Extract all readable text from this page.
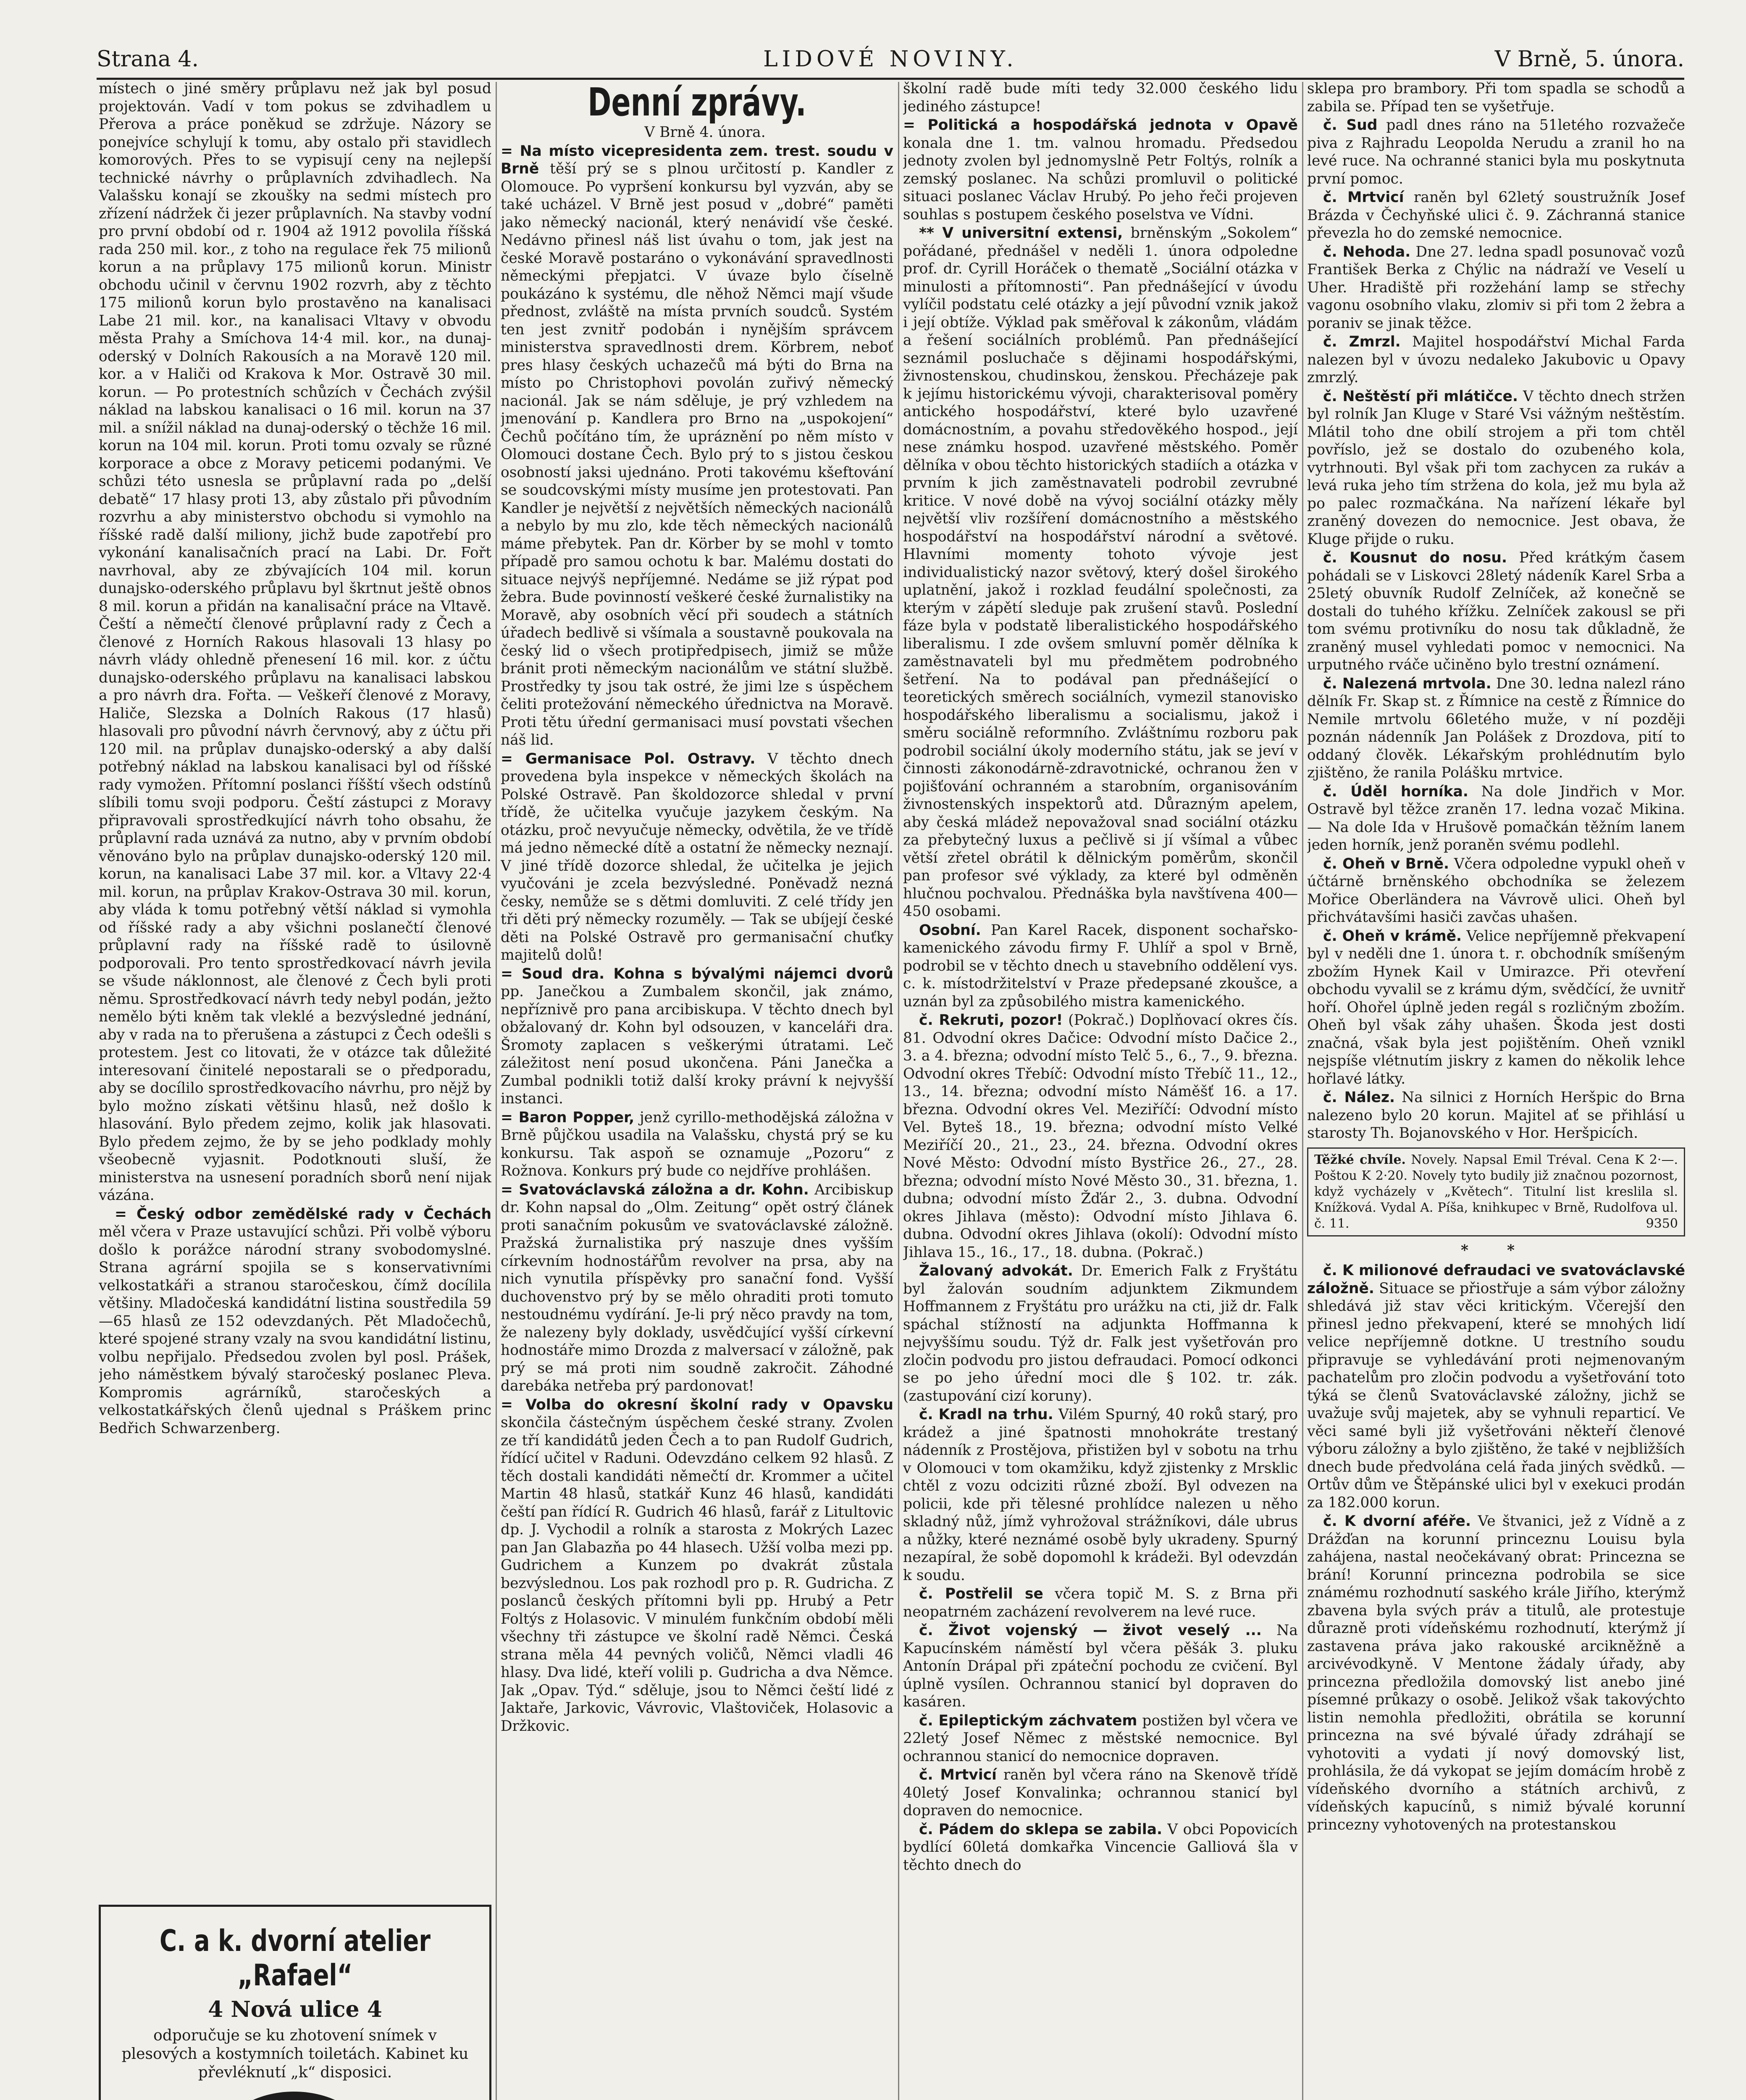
LIDOVÉ NOVINY.
Strana 4.	V Brně, 5. února.

místech o jiné směry průplavu než jak byl posud projektován. Vadí v tom pokus se zdvihadlem u Přerova a práce poněkud se zdržuje. Názory se ponejvíce schylují k tomu, aby ostalo při stavidlech komorových. Přes to se vypisují ceny na nejlepší technické návrhy o průplavních zdvihadlech. Na Valašsku konají se zkoušky na sedmi místech pro zřízení nádržek či jezer průplavních. Na stavby vodní pro první období od r. 1904 až 1912 povolila říšská rada 250 mil. kor., z toho na regulace řek 75 milionů korun a na průplavy 175 milionů korun. Ministr obchodu učinil v červnu 1902 rozvrh, aby z těchto 175 milionů korun bylo prostavěno na kanalisaci Labe 21 mil. kor., na kanalisaci Vltavy v obvodu města Prahy a Smíchova 14·4 mil. kor., na dunaj-oderský v Dolních Rakousích a na Moravě 120 mil. kor. a v Haliči od Krakova k Mor. Ostravě 30 mil. korun. — Po protestních schůzích v Čechách zvýšil náklad na labskou kanalisaci o 16 mil. korun na 37 mil. a snížil náklad na dunaj-oderský o těchže 16 mil. korun na 104 mil. korun. Proti tomu ozvaly se různé korporace a obce z Moravy peticemi podanými. Ve schůzi této usnesla se průplavní rada po „delší debatě“ 17 hlasy proti 13, aby zůstalo při původním rozvrhu a aby ministerstvo obchodu si vymohlo na říšské radě další miliony, jichž bude zapotřebí pro vykonání kanalisačních prací na Labi. Dr. Fořt navrhoval, aby ze zbývajících 104 mil. korun dunajsko-oderského průplavu byl škrtnut ještě obnos 8 mil. korun a přidán na kanalisační práce na Vltavě. Čeští a němečtí členové průplavní rady z Čech a členové z Horních Rakous hlasovali 13 hlasy po návrh vlády ohledně přenesení 16 mil. kor. z účtu dunajsko-oderského průplavu na kanalisaci labskou a pro návrh dra. Fořta. — Veškeří členové z Moravy, Haliče, Slezska a Dolních Rakous (17 hlasů) hlasovali pro původní návrh červnový, aby z účtu při 120 mil. na průplav dunajsko-oderský a aby další potřebný náklad na labskou kanalisaci byl od říšské rady vymožen. Přítomní poslanci říšští všech odstínů slíbili tomu svoji podporu. Čeští zástupci z Moravy připravovali sprostředkující návrh toho obsahu, že průplavní rada uznává za nutno, aby v prvním období věnováno bylo na průplav dunajsko-oderský 120 mil. korun, na kanalisaci Labe 37 mil. kor. a Vltavy 22·4 mil. korun, na průplav Krakov-Ostrava 30 mil. korun, aby vláda k tomu potřebný větší náklad si vymohla od říšské rady a aby všichni poslanečtí členové průplavní rady na říšské radě to úsilovně podporovali. Pro tento sprostředkovací návrh jevila se všude náklonnost, ale členové z Čech byli proti němu. Sprostředkovací návrh tedy nebyl podán, ježto nemělo býti kněm tak vleklé a bezvýsledné jednání, aby v rada na to přerušena a zástupci z Čech odešli s protestem. Jest co litovati, že v otázce tak důležité interesovaní činitelé nepostarali se o předporadu, aby se docílilo sprostředkovacího návrhu, pro nějž by bylo možno získati většinu hlasů, než došlo k hlasování. Bylo předem zejmo, kolik jak hlasovati. Bylo předem zejmo, že by se jeho podklady mohly všeobecně vyjasnit. Podotknouti sluší, že ministerstva na usnesení poradních sborů není nijak vázána.

= Český odbor zemědělské rady v Čechách měl včera v Praze ustavující schůzi. Při volbě výboru došlo k porážce národní strany svobodomyslné. Strana agrární spojila se s konservativními velkostatkáři a stranou staročeskou, čímž docílila většiny. Mladočeská kandidátní listina soustředila 59—65 hlasů ze 152 odevzdaných. Pět Mladočechů, které spojené strany vzaly na svou kandidátní listinu, volbu nepřijalo. Předsedou zvolen byl posl. Prášek, jeho náměstkem bývalý staročeský poslanec Pleva. Kompromis agrárníků, staročeských a velkostatkářských členů ujednal s Práškem princ Bedřich Schwarzenberg.

C. a k. dvorní atelier „Rafael“
4 Nová ulice 4
odporučuje se ku zhotovení snímek v plesových a kostymních toiletách. Kabinet ku převléknutí „k“ disposici.
Denní zprávy.

V Brně 4. února.

= Na místo vicepresidenta zem. trest. soudu v Brně těší prý se s plnou určitostí p. Kandler z Olomouce. Po vypršení konkursu byl vyzván, aby se také ucházel. V Brně jest posud v „dobré“ paměti jako německý nacionál, který nenávidí vše české. Nedávno přinesl náš list úvahu o tom, jak jest na české Moravě postaráno o vykonávání spravedlnosti německými přepjatci. V úvaze bylo číselně poukázáno k systému, dle něhož Němci mají všude přednost, zvláště na místa prvních soudců. Systém ten jest zvnitř podobán i nynějším správcem ministerstva spravedlnosti drem. Körbrem, neboť pres hlasy českých uchazečů má býti do Brna na místo po Christophovi povolán zuřivý německý nacionál. Jak se nám sděluje, je prý vzhledem na jmenování p. Kandlera pro Brno na „uspokojení“ Čechů počítáno tím, že upráznění po něm místo v Olomouci dostane Čech. Bylo prý to s jistou českou osobností jaksi ujednáno. Proti takovému kšeftování se soudcovskými místy musíme jen protestovati. Pan Kandler je největší z největších německých nacionálů a nebylo by mu zlo, kde těch německých nacionálů máme přebytek. Pan dr. Körber by se mohl v tomto případě pro samou ochotu k bar. Malému dostati do situace nejvýš nepříjemné. Nedáme se již rýpat pod žebra. Bude povinností veškeré české žurnalistiky na Moravě, aby osobních věcí při soudech a státních úřadech bedlivě si všímala a soustavně poukovala na český lid o všech protipředpisech, jimiž se může bránit proti německým nacionálům ve státní službě. Prostředky ty jsou tak ostré, že jimi lze s úspěchem čeliti protežování německého úřednictva na Moravě. Proti tětu úřední germanisaci musí povstati všechen náš lid.

= Germanisace Pol. Ostravy. V těchto dnech provedena byla inspekce v německých školách na Polské Ostravě. Pan školdozorce shledal v první třídě, že učitelka vyučuje jazykem českým. Na otázku, proč nevyučuje německy, odvětila, že ve třídě má jedno německé dítě a ostatní že německy neznají. V jiné třídě dozorce shledal, že učitelka je jejich vyučováni je zcela bezvýsledné. Poněvadž nezná česky, nemůže se s dětmi domluviti. Z celé třídy jen tři děti prý německy rozuměly. — Tak se ubíjejí české děti na Polské Ostravě pro germanisační chuťky majitelů dolů!

= Soud dra. Kohna s bývalými nájemci dvorů pp. Janečkou a Zumbalem skončil, jak známo, nepříznivě pro pana arcibiskupa. V těchto dnech byl obžalovaný dr. Kohn byl odsouzen, v kanceláři dra. Šromoty zaplacen s veškerými útratami. Leč záležitost není posud ukončena. Páni Janečka a Zumbal podnikli totiž další kroky právní k nejvyšší instanci.

= Baron Popper, jenž cyrillo-methodějská záložna v Brně půjčkou usadila na Valašsku, chystá prý se ku konkursu. Tak aspoň se oznamuje „Pozoru“ z Rožnova. Konkurs prý bude co nejdříve prohlášen.

= Svatováclavská záložna a dr. Kohn. Arcibiskup dr. Kohn napsal do „Olm. Zeitung“ opět ostrý článek proti sanačním pokusům ve svatováclavské záložně. Pražská žurnalistika prý naszuje dnes vyšším církevním hodnostářům revolver na prsa, aby na nich vynutila příspěvky pro sanační fond. Vyšší duchovenstvo prý by se mělo ohraditi proti tomuto nestoudnému vydírání. Je-li prý něco pravdy na tom, že nalezeny byly doklady, usvědčující vyšší církevní hodnostáře mimo Drozda z malversací v záložně, pak prý se má proti nim soudně zakročit. Záhodné darebáka netřeba prý pardonovat!

= Volba do okresní školní rady v Opavsku skončila částečným úspěchem české strany. Zvolen ze tří kandidátů jeden Čech a to pan Rudolf Gudrich, řídící učitel v Raduni. Odevzdáno celkem 92 hlasů. Z těch dostali kandidáti němečtí dr. Krommer a učitel Martin 48 hlasů, statkář Kunz 46 hlasů, kandidáti čeští pan řídící R. Gudrich 46 hlasů, farář z Litultovic dp. J. Vychodil a rolník a starosta z Mokrých Lazec pan Jan Glabazňa po 44 hlasech. Užší volba mezi pp. Gudrichem a Kunzem po dvakrát zůstala bezvýslednou. Los pak rozhodl pro p. R. Gudricha. Z poslanců českých přítomni byli pp. Hrubý a Petr Foltýs z Holasovic. V minulém funkčním období měli všechny tři zástupce ve školní radě Němci. Česká strana měla 44 pevných voličů, Němci vladli 46 hlasy. Dva lidé, kteří volili p. Gudricha a dva Němce. Jak „Opav. Týd.“ sděluje, jsou to Němci čeští lidé z Jaktaře, Jarkovic, Vávrovic, Vlaštoviček, Holasovic a Držkovic.

školní radě bude míti tedy 32.000 českého lidu jediného zástupce!

= Politická a hospodářská jednota v Opavě konala dne 1. tm. valnou hromadu. Předsedou jednoty zvolen byl jednomyslně Petr Foltýs, rolník a zemský poslanec. Na schůzi promluvil o politické situaci poslanec Václav Hrubý. Po jeho řeči projeven souhlas s postupem českého poselstva ve Vídni.

** V universitní extensi, brněnským „Sokolem“ pořádané, přednášel v neděli 1. února odpoledne prof. dr. Cyrill Horáček o thematě „Sociální otázka v minulosti a přítomnosti“. Pan přednášející v úvodu vylíčil podstatu celé otázky a její původní vznik jakož i její obtíže. Výklad pak směřoval k zákonům, vládám a řešení sociálních problémů. Pan přednášející seznámil posluchače s dějinami hospodářskými, živnostenskou, chudinskou, ženskou. Přecházeje pak k jejímu historickému vývoji, charakterisoval poměry antického hospodářství, které bylo uzavřené domácnostním, a povahu středověkého hospod., její nese známku hospod. uzavřené městského. Poměr dělníka v obou těchto historických stadiích a otázka v prvním k jich zaměstnavateli podrobil zevrubné kritice. V nové době na vývoj sociální otázky měly největší vliv rozšíření domácnostního a městského hospodářství na hospodářství národní a světové. Hlavními momenty tohoto vývoje jest individualistický nazor světový, který došel širokého uplatnění, jakož i rozklad feudální společnosti, za kterým v zápětí sleduje pak zrušení stavů. Poslední fáze byla v podstatě liberalistického hospodářského liberalismu. I zde ovšem smluvní poměr dělníka k zaměstnavateli byl mu předmětem podrobného šetření. Na to podával pan přednášející o teoretických směrech sociálních, vymezil stanovisko hospodářského liberalismu a socialismu, jakož i směru sociálně reformního. Zvláštnímu rozboru pak podrobil sociální úkoly moderního státu, jak se jeví v činnosti zákonodárně-zdravotnické, ochranou žen v pojišťování ochranném a starobním, organisováním živnostenských inspektorů atd. Důrazným apelem, aby česká mládež nepovažoval snad sociální otázku za přebytečný luxus a pečlivě si jí všímal a vůbec větší zřetel obrátil k dělnickým poměrům, skončil pan profesor své výklady, za které byl odměněn hlučnou pochvalou. Přednáška byla navštívena 400—450 osobami.

Osobní. Pan Karel Racek, disponent sochařsko-kamenického závodu firmy F. Uhlíř a spol v Brně, podrobil se v těchto dnech u stavebního oddělení vys. c. k. místodržitelství v Praze předepsané zkoušce, a uznán byl za způsobilého mistra kamenického.

č. Rekruti, pozor! (Pokrač.) Doplňovací okres čís. 81. Odvodní okres Dačice: Odvodní místo Dačice 2., 3. a 4. března; odvodní místo Telč 5., 6., 7., 9. března. Odvodní okres Třebíč: Odvodní místo Třebíč 11., 12., 13., 14. března; odvodní místo Náměšť 16. a 17. března. Odvodní okres Vel. Meziříčí: Odvodní místo Vel. Byteš 18., 19. března; odvodní místo Velké Meziříčí 20., 21., 23., 24. března. Odvodní okres Nové Město: Odvodní místo Bystřice 26., 27., 28. března; odvodní místo Nové Město 30., 31. března, 1. dubna; odvodní místo Žďár 2., 3. dubna. Odvodní okres Jihlava (město): Odvodní místo Jihlava 6. dubna. Odvodní okres Jihlava (okolí): Odvodní místo Jihlava 15., 16., 17., 18. dubna. (Pokrač.)

Žalovaný advokát. Dr. Emerich Falk z Fryštátu byl žalován soudním adjunktem Zikmundem Hoffmannem z Fryštátu pro urážku na cti, již dr. Falk spáchal stížností na adjunkta Hoffmanna k nejvyššímu soudu. Týž dr. Falk jest vyšetřován pro zločin podvodu pro jistou defraudaci. Pomocí odkonci se po jeho úřední moci dle § 102. tr. zák. (zastupování cizí koruny).

č. Kradl na trhu. Vilém Spurný, 40 roků starý, pro krádež a jiné špatnosti mnohokráte trestaný nádenník z Prostějova, přistižen byl v sobotu na trhu v Olomouci v tom okamžiku, když zjistenky z Mrsklic chtěl z vozu odciziti různé zboží. Byl odvezen na policii, kde při tělesné prohlídce nalezen u něho skladný nůž, jímž vyhrožoval strážníkovi, dále ubrus a nůžky, které neznámé osobě byly ukradeny. Spurný nezapíral, že sobě dopomohl k krádeži. Byl odevzdán k soudu.

č. Postřelil se včera topič M. S. z Brna při neopatrném zacházení revolverem na levé ruce.

č. Život vojenský — život veselý ... Na Kapucínském náměstí byl včera pěšák 3. pluku Antonín Drápal při zpáteční pochodu ze cvičení. Byl úplně vysílen. Ochrannou stanicí byl dopraven do kasáren.

č. Epileptickým záchvatem postižen byl včera ve 22letý Josef Němec z městské nemocnice. Byl ochrannou stanicí do nemocnice dopraven.

č. Mrtvicí raněn byl včera ráno na Skenově třídě 40letý Josef Konvalinka; ochrannou stanicí byl dopraven do nemocnice.

č. Pádem do sklepa se zabila. V obci Popovicích bydlící 60letá domkařka Vincencie Galliová šla v těchto dnech do

sklepa pro brambory. Při tom spadla se schodů a zabila se. Případ ten se vyšetřuje.

č. Sud padl dnes ráno na 51letého rozvažeče piva z Rajhradu Leopolda Nerudu a zranil ho na levé ruce. Na ochranné stanici byla mu poskytnuta první pomoc.

č. Mrtvicí raněn byl 62letý soustružník Josef Brázda v Čechyňské ulici č. 9. Záchranná stanice převezla ho do zemské nemocnice.

č. Nehoda. Dne 27. ledna spadl posunovač vozů František Berka z Chýlic na nádraží ve Veselí u Uher. Hradiště při rozžehání lamp se střechy vagonu osobního vlaku, zlomiv si při tom 2 žebra a poraniv se jinak těžce.

č. Zmrzl. Majitel hospodářství Michal Farda nalezen byl v úvozu nedaleko Jakubovic u Opavy zmrzlý.

č. Neštěstí při mlátičce. V těchto dnech stržen byl rolník Jan Kluge v Staré Vsi vážným neštěstím. Mlátil toho dne obilí strojem a při tom chtěl povříslo, jež se dostalo do ozubeného kola, vytrhnouti. Byl však při tom zachycen za rukáv a levá ruka jeho tím stržena do kola, jež mu byla až po palec rozmačkána. Na nařízení lékaře byl zraněný dovezen do nemocnice. Jest obava, že Kluge přijde o ruku.

č. Kousnut do nosu. Před krátkým časem pohádali se v Liskovci 28letý nádeník Karel Srba a 25letý obuvník Rudolf Zelníček, až konečně se dostali do tuhého křížku. Zelníček zakousl se při tom svému protivníku do nosu tak důkladně, že zraněný musel vyhledati pomoc v nemocnici. Na urputného rváče učiněno bylo trestní oznámení.

č. Nalezená mrtvola. Dne 30. ledna nalezl ráno dělník Fr. Skap st. z Římnice na cestě z Římnice do Nemile mrtvolu 66letého muže, v ní později poznán nádenník Jan Polášek z Drozdova, pití to oddaný člověk. Lékařským prohlédnutím bylo zjištěno, že ranila Polášku mrtvice.

č. Úděl horníka. Na dole Jindřich v Mor. Ostravě byl těžce zraněn 17. ledna vozač Mikina. — Na dole Ida v Hrušově pomačkán těžním lanem jeden horník, jenž poraněn svému podlehl.

č. Oheň v Brně. Včera odpoledne vypukl oheň v účtárně brněnského obchodníka se železem Mořice Oberländera na Vávrově ulici. Oheň byl přichvátavšími hasiči zavčas uhašen.

č. Oheň v krámě. Velice nepříjemně překvapení byl v neděli dne 1. února t. r. obchodník smíšeným zbožím Hynek Kail v Umirazce. Při otevření obchodu vyvalil se z krámu dým, svědčící, že uvnitř hoří. Ohořel úplně jeden regál s rozličným zbožím. Oheň byl však záhy uhašen. Škoda jest dosti značná, však byla jest pojištěním. Oheň vznikl nejspíše vlétnutím jiskry z kamen do několik lehce hořlavé látky.

č. Nález. Na silnici z Horních Heršpic do Brna nalezeno bylo 20 korun. Majitel ať se přihlásí u starosty Th. Bojanovského v Hor. Heršpicích.

Těžké chvíle. Novely. Napsal Emil Tréval. Cena K 2·—. Poštou K 2·20. Novely tyto budily již značnou pozornost, když vycházely v „Květech“. Titulní list kreslila sl. Knížková. Vydal A. Píša, knihkupec v Brně, Rudolfova ul. č. 11.	9350
* *

č. K milionové defraudaci ve svatováclavské záložně. Situace se přiostřuje a sám výbor záložny shledává již stav věci kritickým. Včerejší den přinesl jedno překvapení, které se mnohých lidí velice nepříjemně dotkne. U trestního soudu připravuje se vyhledávání proti nejmenovaným pachatelům pro zločin podvodu a vyšetřování toto týká se členů Svatováclavské záložny, jichž se uvažuje svůj majetek, aby se vyhnuli reparticí. Ve věci samé byli již vyšetřováni někteří členové výboru záložny a bylo zjištěno, že také v nejbližších dnech bude předvolána celá řada jiných svědků. — Ortův dům ve Štěpánské ulici byl v exekuci prodán za 182.000 korun.

č. K dvorní aféře. Ve štvanici, jež z Vídně a z Drážďan na korunní princeznu Louisu byla zahájena, nastal neočekávaný obrat: Princezna se brání! Korunní princezna podrobila se sice známému rozhodnutí saského krále Jiřího, kterýmž zbavena byla svých práv a titulů, ale protestuje důrazně proti vídeňskému rozhodnutí, kterýmž jí zastavena práva jako rakouské arcikněžně a arcivévodkyně. V Mentone žádaly úřady, aby princezna předložila domovský list anebo jiné písemné průkazy o osobě. Jelikož však takovýchto listin nemohla předložiti, obrátila se korunní princezna na své bývalé úřady zdráhají se vyhotoviti a vydati jí nový domovský list, prohlásila, že dá vykopat se jejím domácím hrobě z vídeňského dvorního a státních archivů, z vídeňských kapucínů, s nimiž bývalé korunní princezny vyhotovených na protestanskou
